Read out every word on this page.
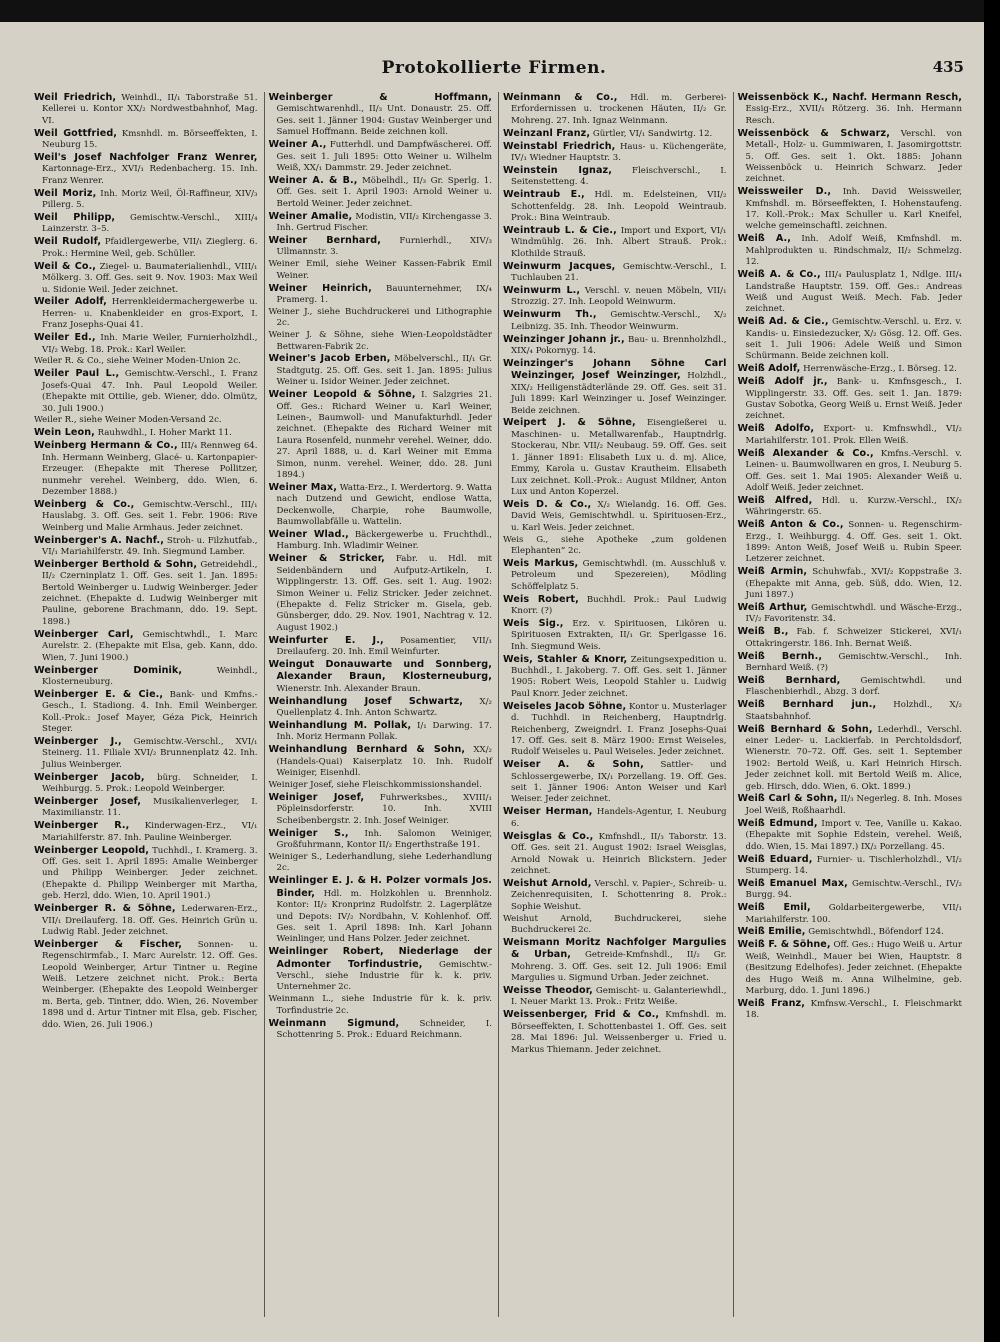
Protokollierte Firmen.	435

Weil Friedrich, Weinhdl., II/₁ Taborstraße 51. Kellerei u. Kontor XX/₂ Nordwestbahnhof, Mag. VI.

Weil Gottfried, Kmsnhdl. m. Börseeffekten, I. Neuburg 15.

Weil's Josef Nachfolger Franz Wenrer, Kartonnage-Erz., XVI/₁ Redenbacherg. 15. Inh. Franz Wenrer.

Weil Moriz, Inh. Moriz Weil, Öl-Raffineur, XIV/₃ Pillerg. 5.

Weil Philipp, Gemischtw.-Verschl., XIII/₄ Lainzerstr. 3–5.

Weil Rudolf, Pfaidlergewerbe, VII/₁ Zieglerg. 6. Prok.: Hermine Weil, geb. Schüller.

Weil & Co., Ziegel- u. Baumaterialienhdl., VIII/₁ Mölkerg. 3. Off. Ges. seit 9. Nov. 1903: Max Weil u. Sidonie Weil. Jeder zeichnet.

Weiler Adolf, Herrenkleidermachergewerbe u. Herren- u. Knabenkleider en gros-Export, I. Franz Josephs-Quai 41.

Weiler Ed., Inh. Marie Weiler, Furnierholzhdl., VI/₂ Webg. 18. Prok.: Karl Weiler.

Weiler R. & Co., siehe Weiner Moden-Union 2c.

Weiler Paul L., Gemischtw.-Verschl., I. Franz Josefs-Quai 47. Inh. Paul Leopold Weiler. (Ehepakte mit Ottilie, geb. Wiener, ddo. Olmütz, 30. Juli 1900.)

Weiler R., siehe Weiner Moden-Versand 2c.

Wein Leon, Rauhwdhl., I. Hoher Markt 11.

Weinberg Hermann & Co., III/₄ Rennweg 64. Inh. Hermann Weinberg, Glacé- u. Kartonpapier-Erzeuger. (Ehepakte mit Therese Pollitzer, nunmehr verehel. Weinberg, ddo. Wien, 6. Dezember 1888.)

Weinberg & Co., Gemischtw.-Verschl., III/₁ Hauslabg. 3. Off. Ges. seit 1. Febr. 1906: Rive Weinberg und Malie Armhaus. Jeder zeichnet.

Weinberger's A. Nachf., Stroh- u. Filzhutfab., VI/₁ Mariahilferstr. 49. Inh. Siegmund Lamber.

Weinberger Berthold & Sohn, Getreidehdl., II/₂ Czerninplatz 1. Off. Ges. seit 1. Jan. 1895: Bertold Weinberger u. Ludwig Weinberger. Jeder zeichnet. (Ehepakte d. Ludwig Weinberger mit Pauline, geborene Brachmann, ddo. 19. Sept. 1898.)

Weinberger Carl, Gemischtwhdl., I. Marc Aurelstr. 2. (Ehepakte mit Elsa, geb. Kann, ddo. Wien, 7. Juni 1900.)

Weinberger Dominik,	Weinhdl., Klosterneuburg.

Weinberger E. & Cie., Bank- und Kmfns.-Gesch., I. Stadiong. 4. Inh. Emil Weinberger. Koll.-Prok.: Josef Mayer, Géza Pick, Heinrich Steger.

Weinberger J., Gemischtw.-Verschl., XVI/₁ Steinerg. 11. Filiale XVI/₂ Brunnenplatz 42. Inh. Julius Weinberger.

Weinberger Jacob, bürg. Schneider, I. Weihburgg. 5. Prok.: Leopold Weinberger.

Weinberger Josef, Musikalienverleger, I. Maximilianstr. 11.

Weinberger R., Kinderwagen-Erz., VI/₁ Mariahilferstr. 87. Inh. Pauline Weinberger.

Weinberger Leopold, Tuchhdl., I. Kramerg. 3. Off. Ges. seit 1. April 1895: Amalie Weinberger und Philipp Weinberger. Jeder zeichnet. (Ehepakte d. Philipp Weinberger mit Martha, geb. Herzl, ddo. Wien, 10. April 1901.)

Weinberger R. & Söhne, Lederwaren-Erz., VII/₁ Dreilauferg. 18. Off. Ges. Heinrich Grün u. Ludwig Rabl. Jeder zeichnet.

Weinberger & Fischer, Sonnen- u. Regenschirmfab., I. Marc Aurelstr. 12. Off. Ges. Leopold Weinberger, Artur Tintner u. Regine Weiß. Letzere zeichnet nicht. Prok.: Berta Weinberger. (Ehepakte des Leopold Weinberger m. Berta, geb. Tintner, ddo. Wien, 26. November 1898 und d. Artur Tintner mit Elsa, geb. Fischer, ddo. Wien, 26. Juli 1906.)

Weinberger & Hoffmann, Gemischtwarenhdl., II/₃ Unt. Donaustr. 25. Off. Ges. seit 1. Jänner 1904: Gustav Weinberger und Samuel Hoffmann. Beide zeichnen koll.

Weiner A., Futterhdl. und Dampfwäscherei. Off. Ges. seit 1. Juli 1895: Otto Weiner u. Wilhelm Weiß, XX/₁ Dammstr. 29. Jeder zeichnet.

Weiner A. & B., Möbelhdl., II/₃ Gr. Sperlg. 1. Off. Ges. seit 1. April 1903: Arnold Weiner u. Bertold Weiner. Jeder zeichnet.

Weiner Amalie, Modistin, VII/₂ Kirchengasse 3. Inh. Gertrud Fischer.

Weiner Bernhard, Furnierhdl., XIV/₃ Ullmannstr. 3.

Weiner Emil, siehe Weiner Kassen-Fabrik Emil Weiner.

Weiner Heinrich, Bauunternehmer, IX/₄ Pramerg. 1.

Weiner J., siehe Buchdruckerei und Lithographie 2c.

Weiner J. & Söhne, siehe Wien-Leopoldstädter Bettwaren-Fabrik 2c.

Weiner's Jacob Erben, Möbelverschl., II/₁ Gr. Stadtgutg. 25. Off. Ges. seit 1. Jan. 1895: Julius Weiner u. Isidor Weiner. Jeder zeichnet.

Weiner Leopold & Söhne, I. Salzgries 21. Off. Ges.: Richard Weiner u. Karl Weiner, Leinen-, Baumwoll- und Manufakturhdl. Jeder zeichnet. (Ehepakte des Richard Weiner mit Laura Rosenfeld, nunmehr verehel. Weiner, ddo. 27. April 1888, u. d. Karl Weiner mit Emma Simon, nunm. verehel. Weiner, ddo. 28. Juni 1894.)

Weiner Max, Watta-Erz., I. Werdertorg. 9. Watta nach Dutzend und Gewicht, endlose Watta, Deckenwolle, Charpie, rohe Baumwolle, Baumwollabfälle u. Wattelin.

Weiner Wlad., Bäckergewerbe u. Fruchthdl., Hamburg. Inh. Wladimir Weiner.

Weiner & Stricker, Fabr. u. Hdl. mit Seidenbändern und Aufputz-Artikeln, I. Wipplingerstr. 13. Off. Ges. seit 1. Aug. 1902: Simon Weiner u. Feliz Stricker. Jeder zeichnet. (Ehepakte d. Feliz Stricker m. Gisela, geb. Günsberger, ddo. 29. Nov. 1901, Nachtrag v. 12. August 1902.)

Weinfurter E. J., Posamentier, VII/₁ Dreilauferg. 20. Inh. Emil Weinfurter.

Weingut Donauwarte und Sonnberg, Alexander Braun, Klosterneuburg, Wienerstr. Inh. Alexander Braun.

Weinhandlung Josef Schwartz, X/₂ Quellenplatz 4. Inh. Anton Schwartz.

Weinhandlung M. Pollak, I/₁ Darwing. 17. Inh. Moriz Hermann Pollak.

Weinhandlung Bernhard & Sohn, XX/₂ (Handels-Quai) Kaiserplatz 10. Inh. Rudolf Weiniger, Eisenhdl.

Weiniger Josef, siehe Fleischkommissionshandel.

Weiniger Josef, Fuhrwerksbes., XVIII/₁ Pöpleinsdorferstr. 10. Inh. XVIII Scheibenbergstr. 2. Inh. Josef Weiniger.

Weiniger S., Inh. Salomon Weiniger, Großfuhrmann, Kontor II/₂ Engerthstraße 191.

Weiniger S., Lederhandlung, siehe Lederhandlung 2c.

Weinlinger E. J. & H. Polzer vormals Jos. Binder, Hdl. m. Holzkohlen u. Brennholz. Kontor: II/₂ Kronprinz Rudolfstr. 2. Lagerplätze und Depots: IV/₂ Nordbahn, V. Kohlenhof. Off. Ges. seit 1. April 1898: Inh. Karl Johann Weinlinger, und Hans Polzer. Jeder zeichnet.

Weinlinger Robert, Niederlage der Admonter Torfindustrie, Gemischtw.-Verschl., siehe Industrie für k. k. priv. Unternehmer 2c.

Weinmann L., siehe Industrie für k. k. priv. Torfindustrie 2c.

Weinmann Sigmund, Schneider, I. Schottenring 5. Prok.: Eduard Reichmann.

Weinmann & Co., Hdl. m. Gerberei-Erfordernissen u. trockenen Häuten, II/₂ Gr. Mohreng. 27. Inh. Ignaz Weinmann.

Weinzanl Franz, Gürtler, VI/₁ Sandwirtg. 12.

Weinstabl Friedrich, Haus- u. Küchengeräte, IV/₁ Wiedner Hauptstr. 3.

Weinstein Ignaz, Fleischverschl., I. Seitenstetteng. 4.

Weintraub E., Hdl. m. Edelsteinen, VII/₂ Schottenfeldg. 28. Inh. Leopold Weintraub. Prok.: Bina Weintraub.

Weintraub L. & Cie., Import und Export, VI/₁ Windmühlg. 26. Inh. Albert Strauß. Prok.: Klothilde Strauß.

Weinwurm Jacques, Gemischtw.-Verschl., I. Tuchlauben 21.

Weinwurm L., Verschl. v. neuen Möbeln, VII/₁ Strozzig. 27. Inh. Leopold Weinwurm.

Weinwurm Th., Gemischtw.-Verschl., X/₂ Leibnizg. 35. Inh. Theodor Weinwurm.

Weinzinger Johann jr., Bau- u. Brennholzhdl., XIX/₄ Pokornyg. 14.

Weinzinger's Johann Söhne Carl Weinzinger, Josef Weinzinger, Holzhdl., XIX/₂ Heiligenstädterlände 29. Off. Ges. seit 31. Juli 1899: Karl Weinzinger u. Josef Weinzinger. Beide zeichnen.

Weipert J. & Söhne, Eisengießerei u. Maschinen- u. Metallwarenfab., Hauptndrlg. Stockerau, Nbr. VII/₂ Neubaug. 59. Off. Ges. seit 1. Jänner 1891: Elisabeth Lux u. d. mj. Alice, Emmy, Karola u. Gustav Krautheim. Elisabeth Lux zeichnet. Koll.-Prok.: August Mildner, Anton Lux und Anton Koperzel.

Weis D. & Co., X/₂ Wielandg. 16. Off. Ges. David Weis, Gemischtwhdl. u. Spirituosen-Erz., u. Karl Weis. Jeder zeichnet.

Weis G., siehe Apotheke „zum goldenen Elephanten“ 2c.

Weis Markus, Gemischtwhdl. (m. Ausschluß v. Petroleum und Spezereien), Mödling Schöffelplatz 5.

Weis Robert, Buchhdl. Prok.: Paul Ludwig Knorr. (?)

Weis Sig., Erz. v. Spirituosen, Likören u. Spirituosen Extrakten, II/₁ Gr. Sperlgasse 16. Inh. Siegmund Weis.

Weis, Stahler & Knorr, Zeitungsexpedition u. Buchhdl., I. Jakoberg. 7. Off. Ges. seit 1. Jänner 1905: Robert Weis, Leopold Stahler u. Ludwig Paul Knorr. Jeder zeichnet.

Weiseles Jacob Söhne, Kontor u. Musterlager d. Tuchhdl. in Reichenberg, Hauptndrlg. Reichenberg, Zweigndrl. I. Franz Josephs-Quai 17. Off. Ges. seit 8. März 1900: Ernst Weiseles, Rudolf Weiseles u. Paul Weiseles. Jeder zeichnet.

Weiser A. & Sohn, Sattler- und Schlossergewerbe, IX/₁ Porzellang. 19. Off. Ges. seit 1. Jänner 1906: Anton Weiser und Karl Weiser. Jeder zeichnet.

Weiser Herman, Handels-Agentur, I. Neuburg 6.

Weisglas & Co., Kmfnshdl., II/₃ Taborstr. 13. Off. Ges. seit 21. August 1902: Israel Weisglas, Arnold Nowak u. Heinrich Blickstern. Jeder zeichnet.

Weishut Arnold, Verschl. v. Papier-, Schreib- u. Zeichenrequisiten, I. Schottenring 8. Prok.: Sophie Weishut.

Weishut Arnold, Buchdruckerei, siehe Buchdruckerei 2c.

Weismann Moritz Nachfolger Margulies & Urban, Getreide-Kmfnshdl., II/₂ Gr. Mohreng. 3. Off. Ges. seit 12. Juli 1906: Emil Margulies u. Sigmund Urban. Jeder zeichnet.

Weisse Theodor, Gemischt- u. Galanteriewhdl., I. Neuer Markt 13. Prok.: Fritz Weiße.

Weissenberger, Frid & Co., Kmfnshdl. m. Börseeffekten, I. Schottenbastei 1. Off. Ges. seit 28. Mai 1896: Jul. Weissenberger u. Fried u. Markus Thiemann. Jeder zeichnet.

Weissenböck K., Nachf. Hermann Resch, Essig-Erz., XVII/₁ Rötzerg. 36. Inh. Hermann Resch.

Weissenböck & Schwarz, Verschl. von Metall-, Holz- u. Gummiwaren, I. Jasomirgottstr. 5. Off. Ges. seit 1. Okt. 1885: Johann Weissenböck u. Heinrich Schwarz. Jeder zeichnet.

Weissweiler D., Inh. David Weissweiler, Kmfnshdl. m. Börseeffekten, I. Hohenstaufeng. 17. Koll.-Prok.: Max Schuller u. Karl Kneifel, welche gemeinschaftl. zeichnen.

Weiß A., Inh. Adolf Weiß, Kmfnshdl. m. Mahlprodukten u. Rindschmalz, II/₂ Schmelzg. 12.

Weiß A. & Co., III/₄ Paulusplatz 1, Ndlge. III/₄ Landstraße Hauptstr. 159. Off. Ges.: Andreas Weiß und August Weiß. Mech. Fab. Jeder zeichnet.

Weiß Ad. & Cie., Gemischtw.-Verschl. u. Erz. v. Kandis- u. Einsiedezucker, X/₂ Gösg. 12. Off. Ges. seit 1. Juli 1906: Adele Weiß und Simon Schürmann. Beide zeichnen koll.

Weiß Adolf, Herrenwäsche-Erzg., I. Börseg. 12.

Weiß Adolf jr., Bank- u. Kmfnsgesch., I. Wipplingerstr. 33. Off. Ges. seit 1. Jan. 1879: Gustav Sobotka, Georg Weiß u. Ernst Weiß. Jeder zeichnet.

Weiß Adolfo, Export- u. Kmfnswhdl., VI/₂ Mariahilferstr. 101. Prok. Ellen Weiß.

Weiß Alexander & Co., Kmfns.-Verschl. v. Leinen- u. Baumwollwaren en gros, I. Neuburg 5. Off. Ges. seit 1. Mai 1905: Alexander Weiß u. Adolf Weiß. Jeder zeichnet.

Weiß Alfred, Hdl. u. Kurzw.-Verschl., IX/₂ Währingerstr. 65.

Weiß Anton & Co., Sonnen- u. Regenschirm-Erzg., I. Weihburgg. 4. Off. Ges. seit 1. Okt. 1899: Anton Weiß, Josef Weiß u. Rubin Speer. Letzerer zeichnet.

Weiß Armin, Schuhwfab., XVI/₂ Koppstraße 3. (Ehepakte mit Anna, geb. Süß, ddo. Wien, 12. Juni 1897.)

Weiß Arthur, Gemischtwhdl. und Wäsche-Erzg., IV/₂ Favoritenstr. 34.

Weiß B., Fab. f. Schweizer Stickerei, XVI/₁ Ottakringerstr. 186. Inh. Bernat Weiß.

Weiß Bernh., Gemischtw.-Verschl., Inh. Bernhard Weiß. (?)

Weiß Bernhard, Gemischtwhdl. und Flaschenbierhdl., Abzg. 3 dorf.

Weiß Bernhard jun., Holzhdl., X/₂ Staatsbahnhof.

Weiß Bernhard & Sohn, Lederhdl., Verschl. einer Leder- u. Lackierfab. in Perchtoldsdorf, Wienerstr. 70–72. Off. Ges. seit 1. September 1902: Bertold Weiß, u. Karl Heinrich Hirsch. Jeder zeichnet koll. mit Bertold Weiß m. Alice, geb. Hirsch, ddo. Wien, 6. Okt. 1899.)

Weiß Carl & Sohn, II/₃ Negerleg. 8. Inh. Moses Joel Weiß, Roßhaarhdl.

Weiß Edmund, Import v. Tee, Vanille u. Kakao. (Ehepakte mit Sophie Edstein, verehel. Weiß, ddo. Wien, 15. Mai 1897.) IX/₂ Porzellang. 45.

Weiß Eduard, Furnier- u. Tischlerholzhdl., VI/₂ Stumperg. 14.

Weiß Emanuel Max, Gemischtw.-Verschl., IV/₂ Burgg. 94.

Weiß Emil, Goldarbeitergewerbe, VII/₁ Mariahilferstr. 100.

Weiß Emilie, Gemischtwhdl., Böfendorf 124.

Weiß F. & Söhne, Off. Ges.: Hugo Weiß u. Artur Weiß, Weinhdl., Mauer bei Wien, Hauptstr. 8 (Besitzung Edelhofes). Jeder zeichnet. (Ehepakte des Hugo Weiß m. Anna Wilhelmine, geb. Marburg, ddo. 1. Juni 1896.)

Weiß Franz, Kmfnsw.-Verschl., I. Fleischmarkt 18.
